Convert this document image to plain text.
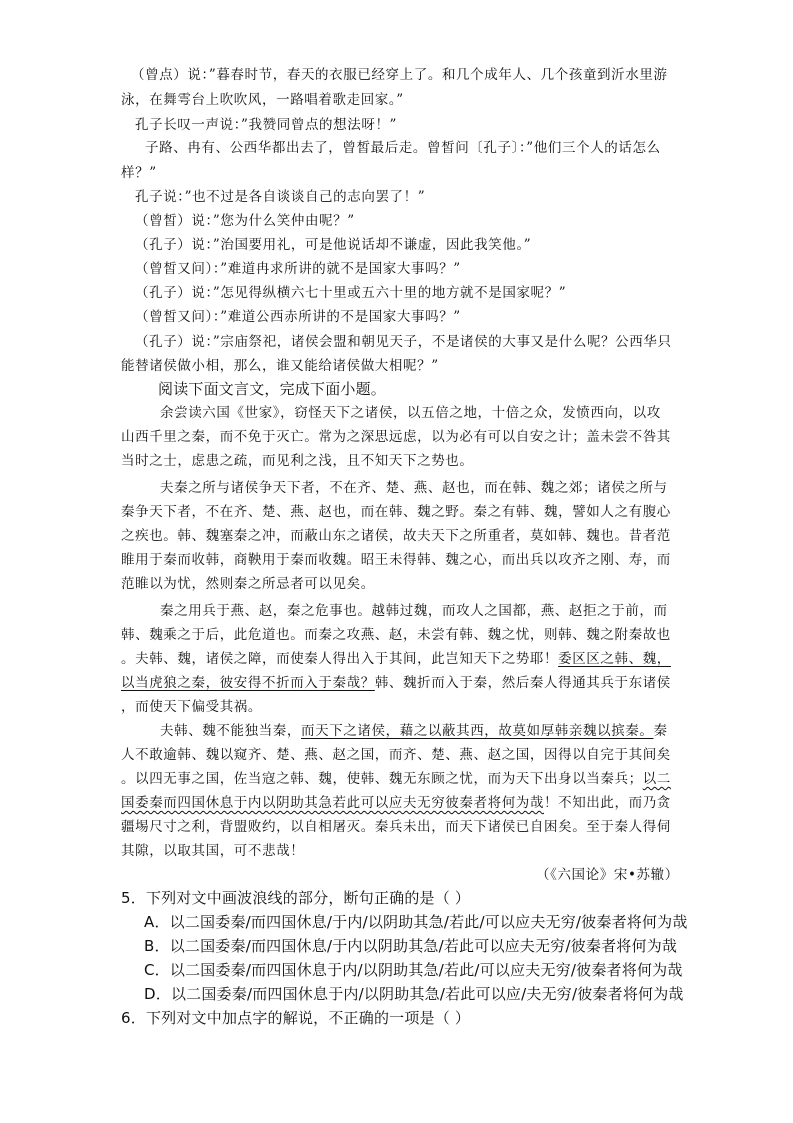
（曾点）说：”暮春时节，春天的衣服已经穿上了。和几个成年人、几个孩童到沂水里游
泳，在舞雩台上吹吹风，一路唱着歌走回家。”
孔子长叹一声说：”我赞同曾点的想法呀！”
子路、冉有、公西华都出去了，曾皙最后走。曾皙问〔孔子〕：”他们三个人的话怎么
样？”
孔子说：”也不过是各自谈谈自己的志向罢了！”
（曾皙）说：”您为什么笑仲由呢？”
（孔子）说：”治国要用礼，可是他说话却不谦虚，因此我笑他。”
（曾皙又问）：”难道冉求所讲的就不是国家大事吗？”
（孔子）说：”怎见得纵横六七十里或五六十里的地方就不是国家呢？”
（曾皙又问）：”难道公西赤所讲的不是国家大事吗？”
（孔子）说：”宗庙祭祀，诸侯会盟和朝见天子，不是诸侯的大事又是什么呢？公西华只
能替诸侯做小相，那么，谁又能给诸侯做大相呢？”
阅读下面文言文，完成下面小题。
余尝读六国《世家》，窃怪天下之诸侯，以五倍之地，十倍之众，发愤西向，以攻
山西千里之秦，而不免于灭亡。常为之深思远虑，以为必有可以自安之计；盖未尝不咎其
当时之士，虑患之疏，而见利之浅，且不知天下之势也。
夫秦之所与诸侯争天下者，不在齐、楚、燕、赵也，而在韩、魏之郊；诸侯之所与
秦争天下者，不在齐、楚、燕、赵也，而在韩、魏之野。秦之有韩、魏，譬如人之有腹心
之疾也。韩、魏塞秦之冲，而蔽山东之诸侯，故夫天下之所重者，莫如韩、魏也。昔者范
睢用于秦而收韩，商鞅用于秦而收魏。昭王未得韩、魏之心，而出兵以攻齐之刚、寿，而
范睢以为忧，然则秦之所忌者可以见矣。
秦之用兵于燕、赵，秦之危事也。越韩过魏，而攻人之国都，燕、赵拒之于前，而
韩、魏乘之于后，此危道也。而秦之攻燕、赵，未尝有韩、魏之忧，则韩、魏之附秦故也
。夫韩、魏，诸侯之障，而使秦人得出入于其间，此岂知天下之势耶！委区区之韩、魏，
以当虎狼之秦，彼安得不折而入于秦哉？韩、魏折而入于秦，然后秦人得通其兵于东诸侯
，而使天下偏受其祸。
夫韩、魏不能独当秦，而天下之诸侯，藉之以蔽其西，故莫如厚韩亲魏以摈秦。秦
人不敢逾韩、魏以窥齐、楚、燕、赵之国，而齐、楚、燕、赵之国，因得以自完于其间矣
。以四无事之国，佐当寇之韩、魏，使韩、魏无东顾之忧，而为天下出身以当秦兵；以二
国委秦而四国休息于内以阴助其急若此可以应夫无穷彼秦者将何为哉！不知出此，而乃贪
疆埸尺寸之利，背盟败约，以自相屠灭。秦兵未出，而天下诸侯已自困矣。至于秦人得伺
其隙，以取其国，可不悲哉！
（《六国论》宋•苏辙）
5．下列对文中画波浪线的部分，断句正确的是（ ）
A．以二国委秦/而四国休息/于内/以阴助其急/若此/可以应夫无穷/彼秦者将何为哉
B．以二国委秦/而四国休息/于内以阴助其急/若此可以应夫无穷/彼秦者将何为哉
C．以二国委秦/而四国休息于内/以阴助其急/若此/可以应夫无穷/彼秦者将何为哉
D．以二国委秦/而四国休息于内/以阴助其急/若此可以应/夫无穷/彼秦者将何为哉
6．下列对文中加点字的解说，不正确的一项是（ ）
